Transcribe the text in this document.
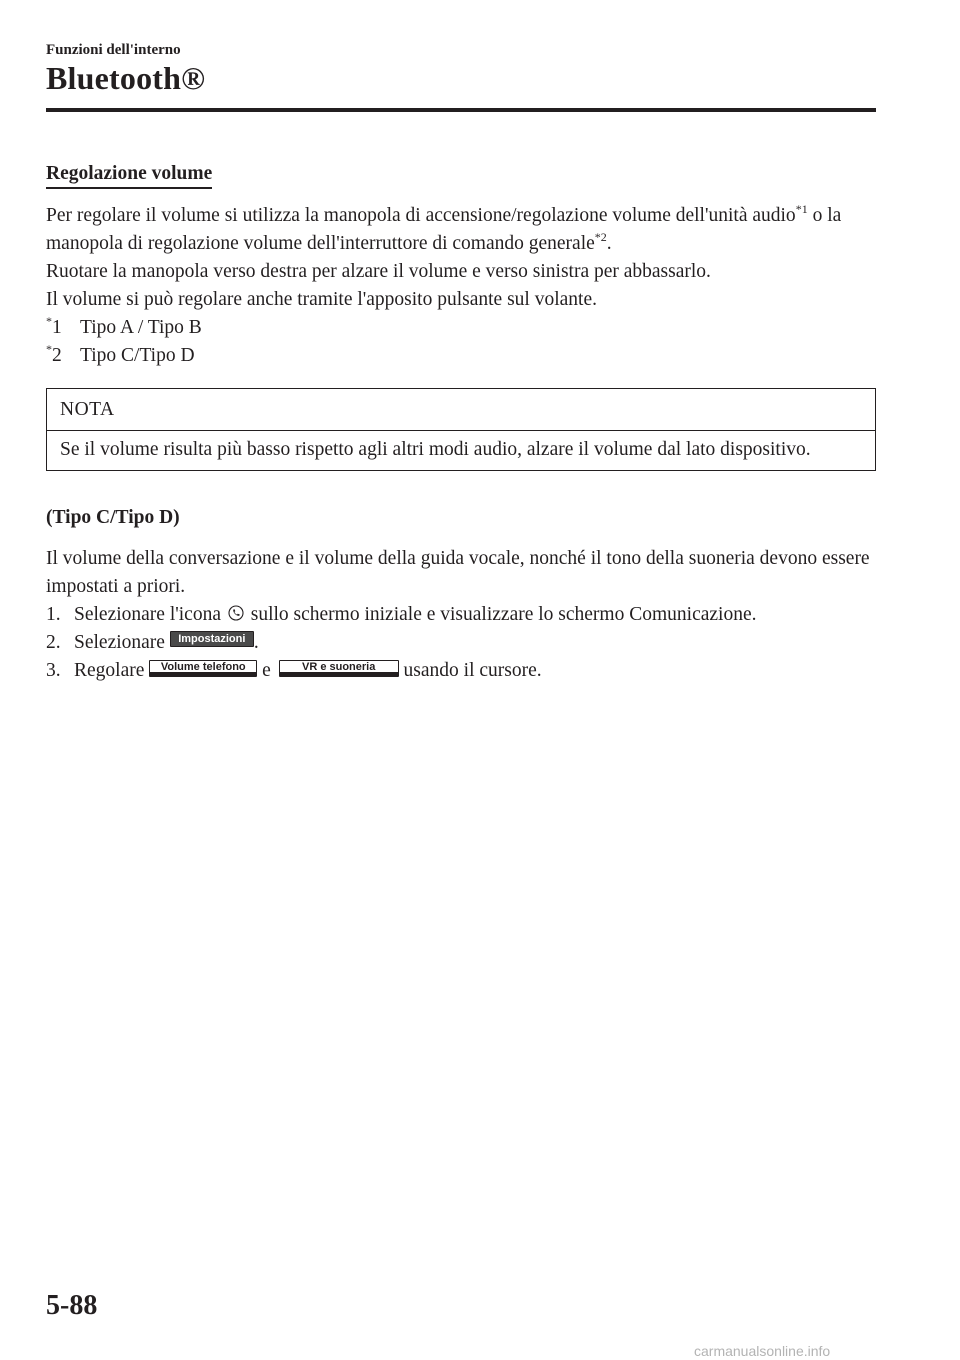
Funzioni dell'interno
Bluetooth®
Regolazione volume

Per regolare il volume si utilizza la manopola di accensione/regolazione volume dell'unità audio$^{*1}$ o la manopola di regolazione volume dell'interruttore di comando generale$^{*2}$.

Ruotare la manopola verso destra per alzare il volume e verso sinistra per abbassarlo.

Il volume si può regolare anche tramite l'apposito pulsante sul volante.

*1 Tipo A / Tipo B

*2 Tipo C/Tipo D

NOTA
Se il volume risulta più basso rispetto agli altri modi audio, alzare il volume dal lato dispositivo.
(Tipo C/Tipo D)

Il volume della conversazione e il volume della guida vocale, nonché il tono della suoneria devono essere impostati a priori.

1. Selezionare l'icona sullo schermo iniziale e visualizzare lo schermo Comunicazione.
2. Selezionare Impostazioni .
3. Regolare Volume telefono e	VR e suoneria usando il cursore.
5-88
carmanualsonline.info
